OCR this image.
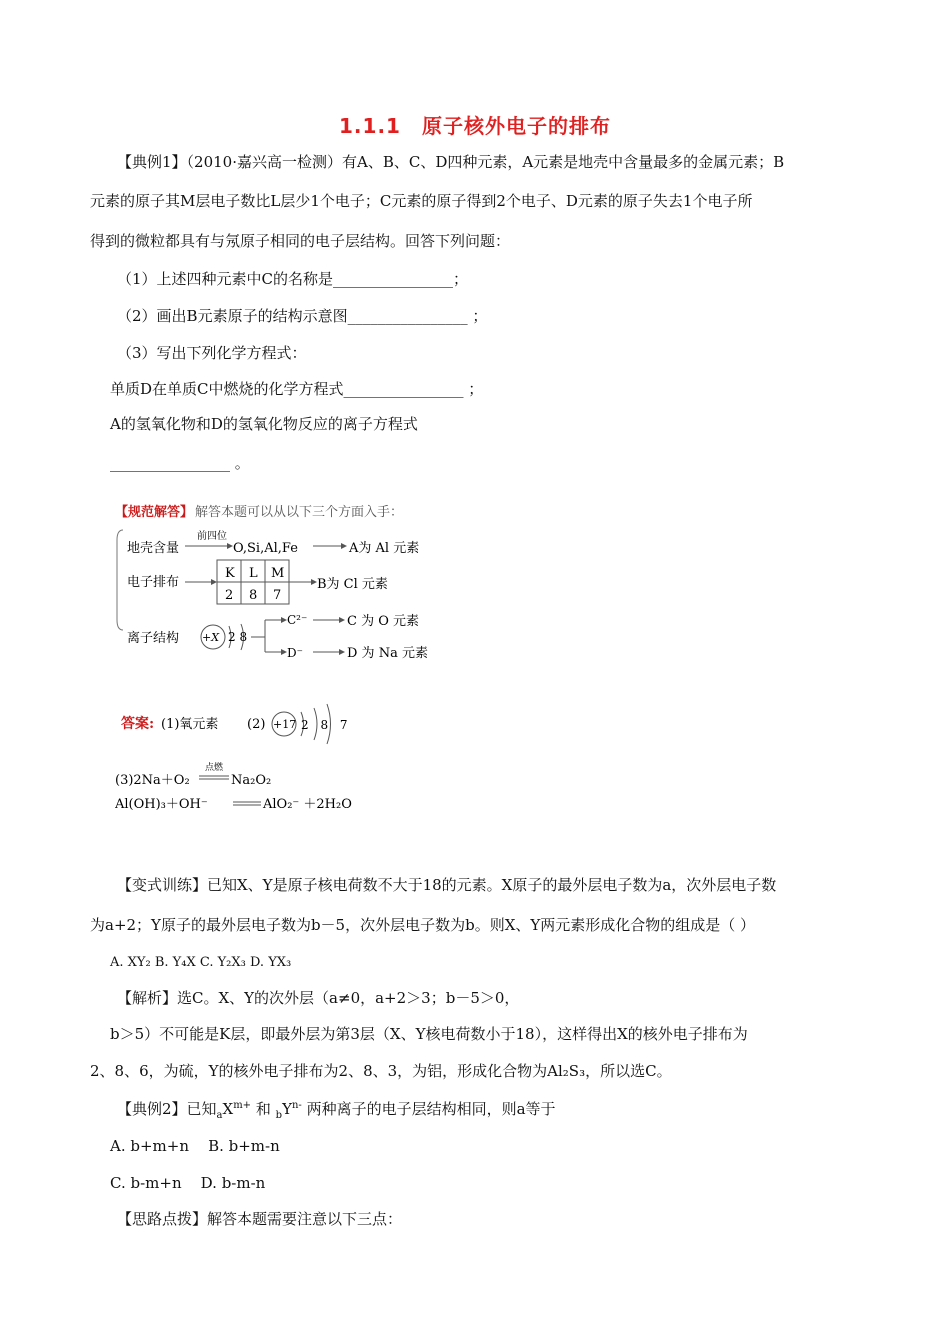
1.1.1　原子核外电子的排布
【典例1】（2010·嘉兴高一检测）有A、B、C、D四种元素，A元素是地壳中含量最多的金属元素；B
元素的原子其M层电子数比L层少1个电子；C元素的原子得到2个电子、D元素的原子失去1个电子所
得到的微粒都具有与氖原子相同的电子层结构。回答下列问题：
（1）上述四种元素中C的名称是________________；
（2）画出B元素原子的结构示意图________________ ；
（3）写出下列化学方程式：
单质D在单质C中燃烧的化学方程式________________ ；
A的氢氧化物和D的氢氧化物反应的离子方程式
________________ 。
【规范解答】 解答本题可以从以下三个方面入手：
地壳含量
前四位
O,Si,Al,Fe	A为 Al 元素
电子排布
K L M
2 8 7
B为 Cl 元素
离子结构 +X 2 8
C²⁻
D⁻
C 为 O 元素
D 为 Na 元素
答案: (1)氧元素 (2) +17 2 8 7
(3)2Na＋O₂
点燃
Na₂O₂
Al(OH)₃＋OH⁻	AlO₂⁻ ＋2H₂O
【变式训练】已知X、Y是原子核电荷数不大于18的元素。X原子的最外层电子数为a，次外层电子数
为a+2；Y原子的最外层电子数为b－5，次外层电子数为b。则X、Y两元素形成化合物的组成是（ ）
A. XY₂ B. Y₄X C. Y₂X₃ D. YX₃
【解析】选C。X、Y的次外层（a≠0，a+2＞3；b－5＞0，
b＞5）不可能是K层，即最外层为第3层（X、Y核电荷数小于18），这样得出X的核外电子排布为
2、8、6，为硫，Y的核外电子排布为2、8、3，为铝，形成化合物为Al₂S₃，所以选C。
【典例2】已知$_aX^{m+}$ 和 $_bY^{n-}$ 两种离子的电子层结构相同，则a等于
A. b+m+n    B. b+m-n
C. b-m+n    D. b-m-n
【思路点拨】解答本题需要注意以下三点：
